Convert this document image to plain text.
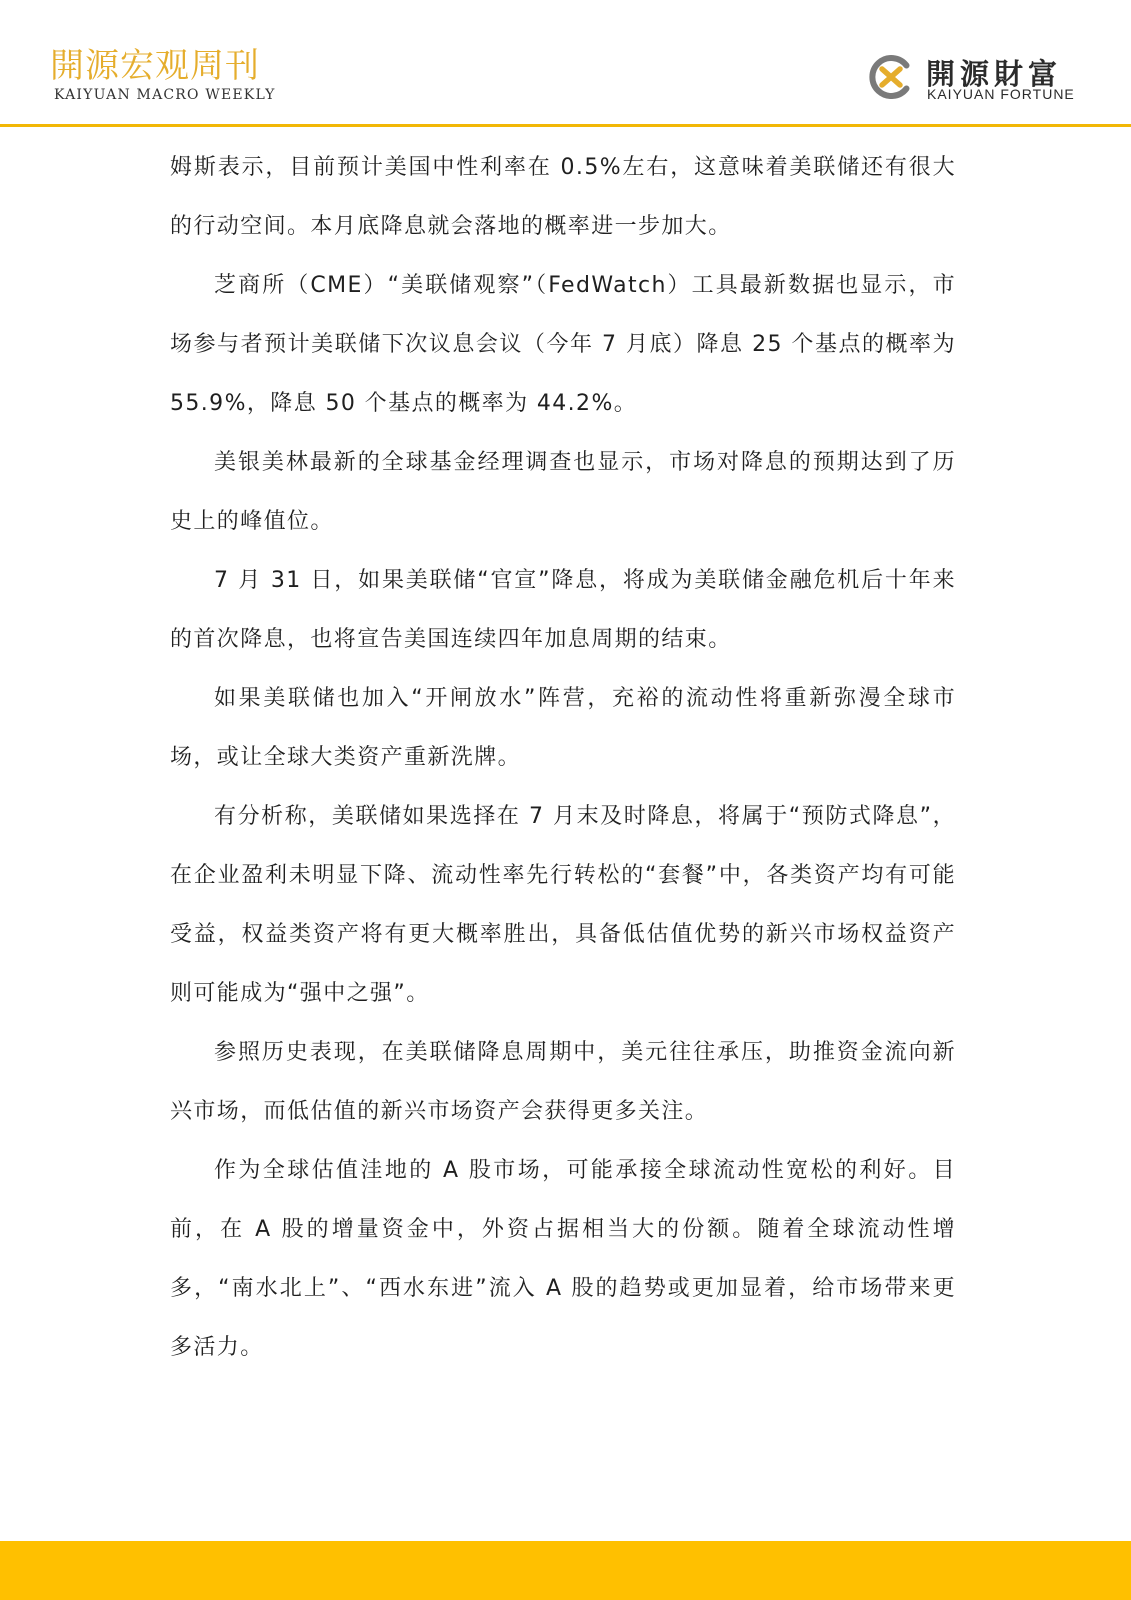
開源宏观周刊
KAIYUAN MACRO WEEKLY
開源財富
KAIYUAN FORTUNE

姆斯表示，目前预计美国中性利率在 0.5%左右，这意味着美联储还有很大的行动空间。本月底降息就会落地的概率进一步加大。

芝商所（CME）“美联储观察”（FedWatch）工具最新数据也显示，市场参与者预计美联储下次议息会议（今年 7 月底）降息 25 个基点的概率为 55.9%，降息 50 个基点的概率为 44.2%。

美银美林最新的全球基金经理调查也显示，市场对降息的预期达到了历史上的峰值位。

7 月 31 日，如果美联储“官宣”降息，将成为美联储金融危机后十年来的首次降息，也将宣告美国连续四年加息周期的结束。

如果美联储也加入“开闸放水”阵营，充裕的流动性将重新弥漫全球市场，或让全球大类资产重新洗牌。

有分析称，美联储如果选择在 7 月末及时降息，将属于“预防式降息”，在企业盈利未明显下降、流动性率先行转松的“套餐”中，各类资产均有可能受益，权益类资产将有更大概率胜出，具备低估值优势的新兴市场权益资产则可能成为“强中之强”。

参照历史表现，在美联储降息周期中，美元往往承压，助推资金流向新兴市场，而低估值的新兴市场资产会获得更多关注。

作为全球估值洼地的 A 股市场，可能承接全球流动性宽松的利好。目前，在 A 股的增量资金中，外资占据相当大的份额。随着全球流动性增多，“南水北上”、“西水东进”流入 A 股的趋势或更加显着，给市场带来更多活力。
